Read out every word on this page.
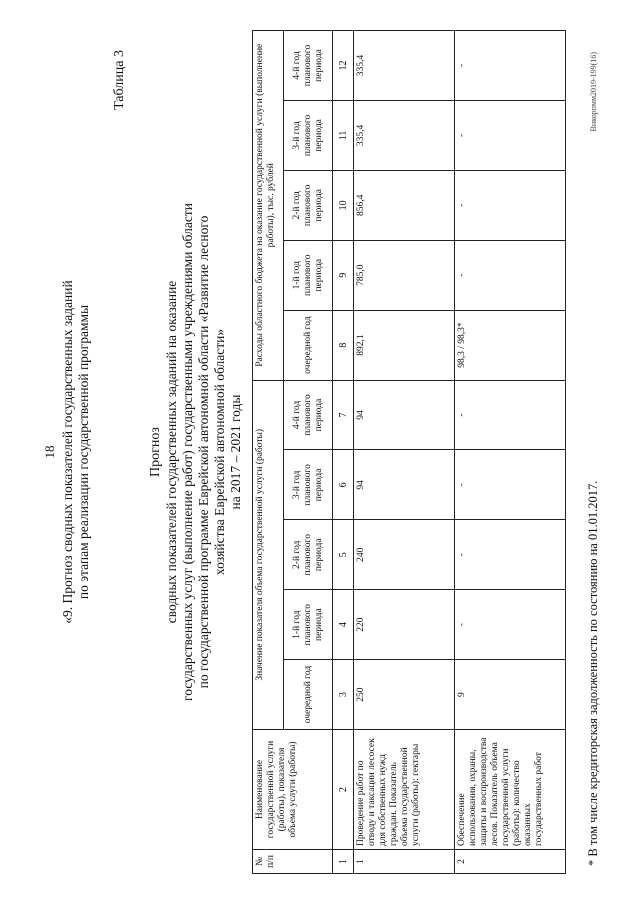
18 «9. Прогноз сводных показателей государственных заданий по этапам реализации государственной программы
Таблица 3
Прогноз сводных показателей государственных заданий на оказание государственных услуг (выполнение работ) государственными учреждениями области по государственной программе Еврейской автономной области «Развитие лесного хозяйства Еврейской автономной области» на 2017 – 2021 годы
№ п/п	Наименование государственной услуги (работы), показателя объема услуги (работы)	Значение показателя объема государственной услуги (работы)					Расходы областного бюджета на оказание государственной услуги (выполнение работы), тыс. рублей				
		очередной год	1-й год планового периода	2-й год планового периода	3-й год планового периода	4-й год планового периода	очередной год	1-й год планового периода	2-й год планового периода	3-й год планового периода	4-й год планового периода
1	2	3	4	5	6	7	8	9	10	11	12
1	Проведение работ по отводу и таксации лесосек для собственных нужд граждан. Показатель объема государственной услуги (работы): гектары	250	220	240	94	94	892,1	785,0	856,4	335,4	335,4
2	Обеспечение использования, охраны, защиты и воспроизводства лесов. Показатель объема государственной услуги (работы): количество оказанных государственных работ	9	-	-	-	-	98,3 / 98,3*	-	-	-	-
* В том числе кредиторская задолженность по состоянию на 01.01.2017.
Внкорпмм2019-199(16)
